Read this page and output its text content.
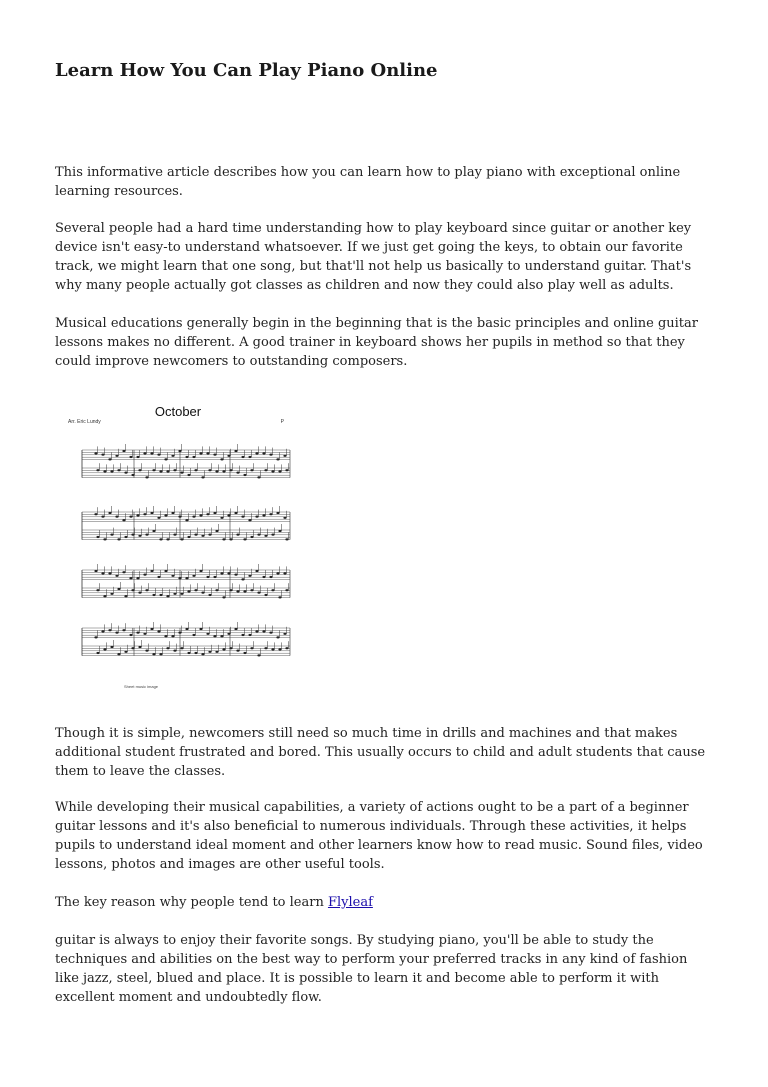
Learn How You Can Play Piano Online

This informative article describes how you can learn how to play piano with exceptional online learning resources.

Several people had a hard time understanding how to play keyboard since guitar or another key device isn't easy-to understand whatsoever. If we just get going the keys, to obtain our favorite track, we might learn that one song, but that'll not help us basically to understand guitar. That's why many people actually got classes as children and now they could also play well as adults.

Musical educations generally begin in the beginning that is the basic principles and online guitar lessons makes no different. A good trainer in keyboard shows her pupils in method so that they could improve newcomers to outstanding composers.

October
Arr. Eric Lundy	P
Sheet music image

Though it is simple, newcomers still need so much time in drills and machines and that makes additional student frustrated and bored. This usually occurs to child and adult students that cause them to leave the classes.

While developing their musical capabilities, a variety of actions ought to be a part of a beginner guitar lessons and it's also beneficial to numerous individuals. Through these activities, it helps pupils to understand ideal moment and other learners know how to read music. Sound files, video lessons, photos and images are other useful tools.

The key reason why people tend to learn Flyleaf

guitar is always to enjoy their favorite songs. By studying piano, you'll be able to study the techniques and abilities on the best way to perform your preferred tracks in any kind of fashion like jazz, steel, blued and place. It is possible to learn it and become able to perform it with excellent moment and undoubtedly flow.
